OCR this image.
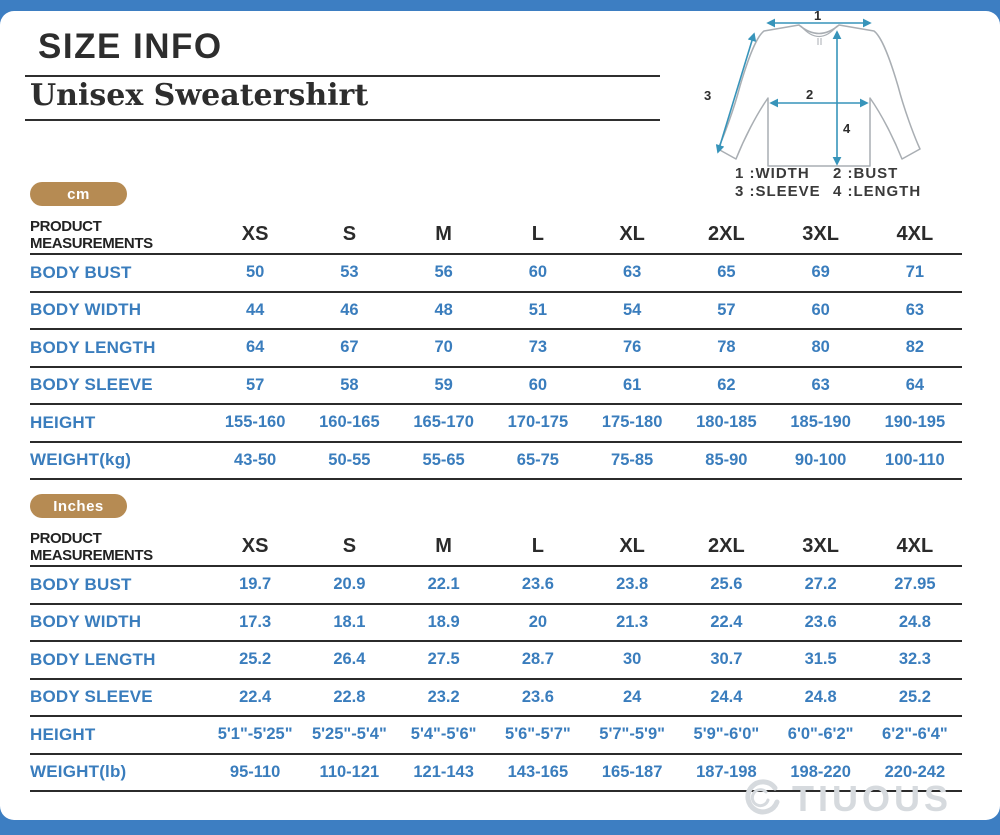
SIZE INFO
Unisex Sweatershirt
1
2
3
4
1 :WIDTH	2 :BUST
3 :SLEEVE 4 :LENGTH
cm
PRODUCT MEASUREMENTS	XS	S	M	L	XL	2XL	3XL	4XL
BODY BUST	50	53	56	60	63	65	69	71
BODY WIDTH	44	46	48	51	54	57	60	63
BODY LENGTH	64	67	70	73	76	78	80	82
BODY SLEEVE	57	58	59	60	61	62	63	64
HEIGHT	155-160	160-165	165-170	170-175	175-180	180-185	185-190	190-195
WEIGHT(kg)	43-50	50-55	55-65	65-75	75-85	85-90	90-100	100-110
Inches
PRODUCT MEASUREMENTS	XS	S	M	L	XL	2XL	3XL	4XL
BODY BUST	19.7	20.9	22.1	23.6	23.8	25.6	27.2	27.95
BODY WIDTH	17.3	18.1	18.9	20	21.3	22.4	23.6	24.8
BODY LENGTH	25.2	26.4	27.5	28.7	30	30.7	31.5	32.3
BODY SLEEVE	22.4	22.8	23.2	23.6	24	24.4	24.8	25.2
HEIGHT	5'1"-5'25"	5'25"-5'4"	5'4"-5'6"	5'6"-5'7"	5'7"-5'9"	5'9"-6'0"	6'0"-6'2"	6'2"-6'4"
WEIGHT(lb)	95-110	110-121	121-143	143-165	165-187	187-198	198-220	220-242
TIUOUS
